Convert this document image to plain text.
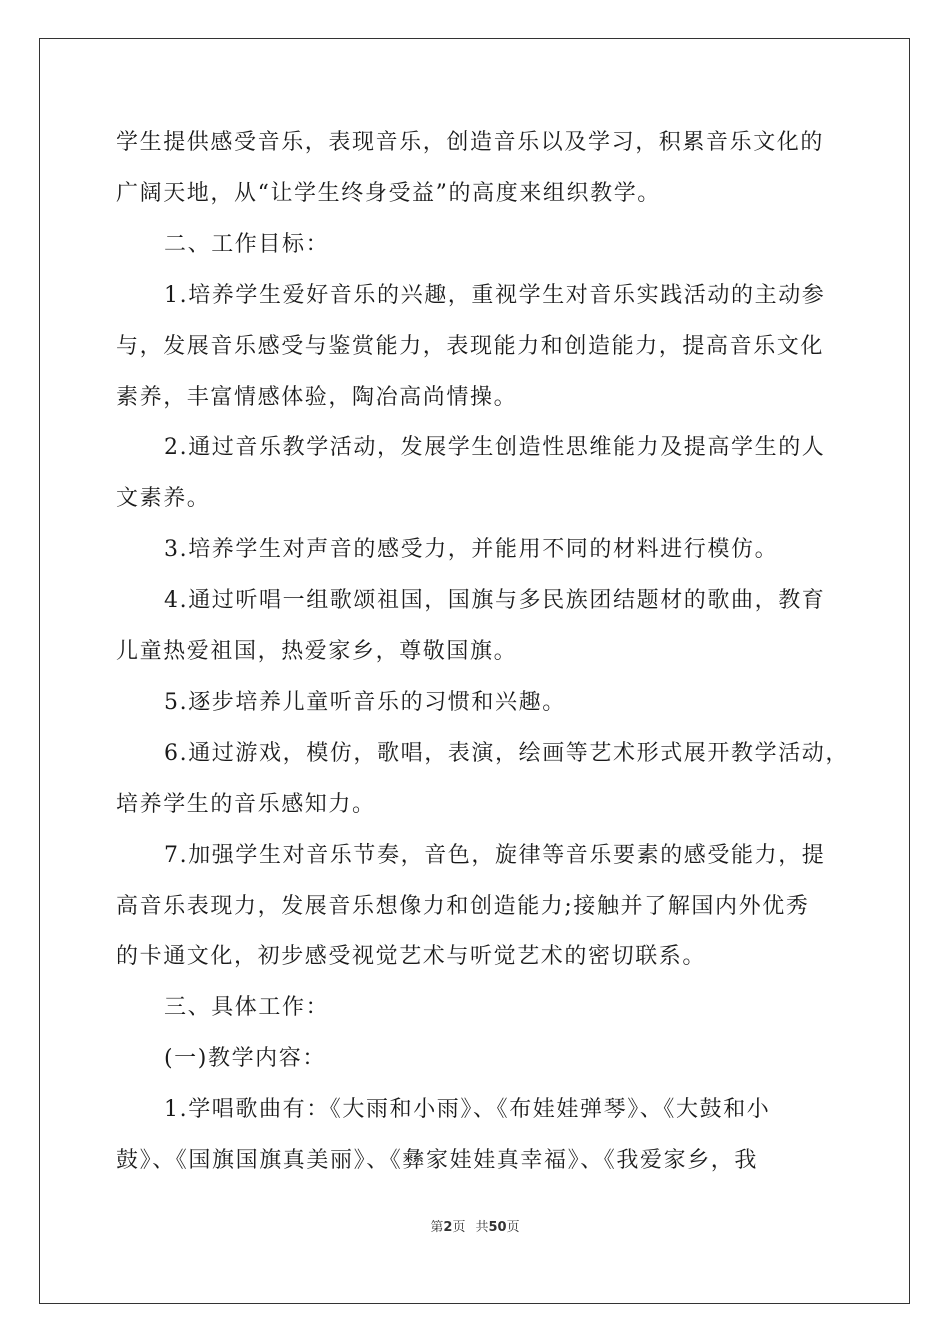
学生提供感受音乐，表现音乐，创造音乐以及学习，积累音乐文化的
广阔天地，从“让学生终身受益”的高度来组织教学。
二、工作目标：
1.培养学生爱好音乐的兴趣，重视学生对音乐实践活动的主动参
与，发展音乐感受与鉴赏能力，表现能力和创造能力，提高音乐文化
素养，丰富情感体验，陶冶高尚情操。
2.通过音乐教学活动，发展学生创造性思维能力及提高学生的人
文素养。
3.培养学生对声音的感受力，并能用不同的材料进行模仿。
4.通过听唱一组歌颂祖国，国旗与多民族团结题材的歌曲，教育
儿童热爱祖国，热爱家乡，尊敬国旗。
5.逐步培养儿童听音乐的习惯和兴趣。
6.通过游戏，模仿，歌唱，表演，绘画等艺术形式展开教学活动，
培养学生的音乐感知力。
7.加强学生对音乐节奏，音色，旋律等音乐要素的感受能力，提
高音乐表现力，发展音乐想像力和创造能力;接触并了解国内外优秀
的卡通文化，初步感受视觉艺术与听觉艺术的密切联系。
三、具体工作：
(一)教学内容：
1.学唱歌曲有：《大雨和小雨》、《布娃娃弹琴》、《大鼓和小
鼓》、《国旗国旗真美丽》、《彝家娃娃真幸福》、《我爱家乡，我
第2页 共50页
